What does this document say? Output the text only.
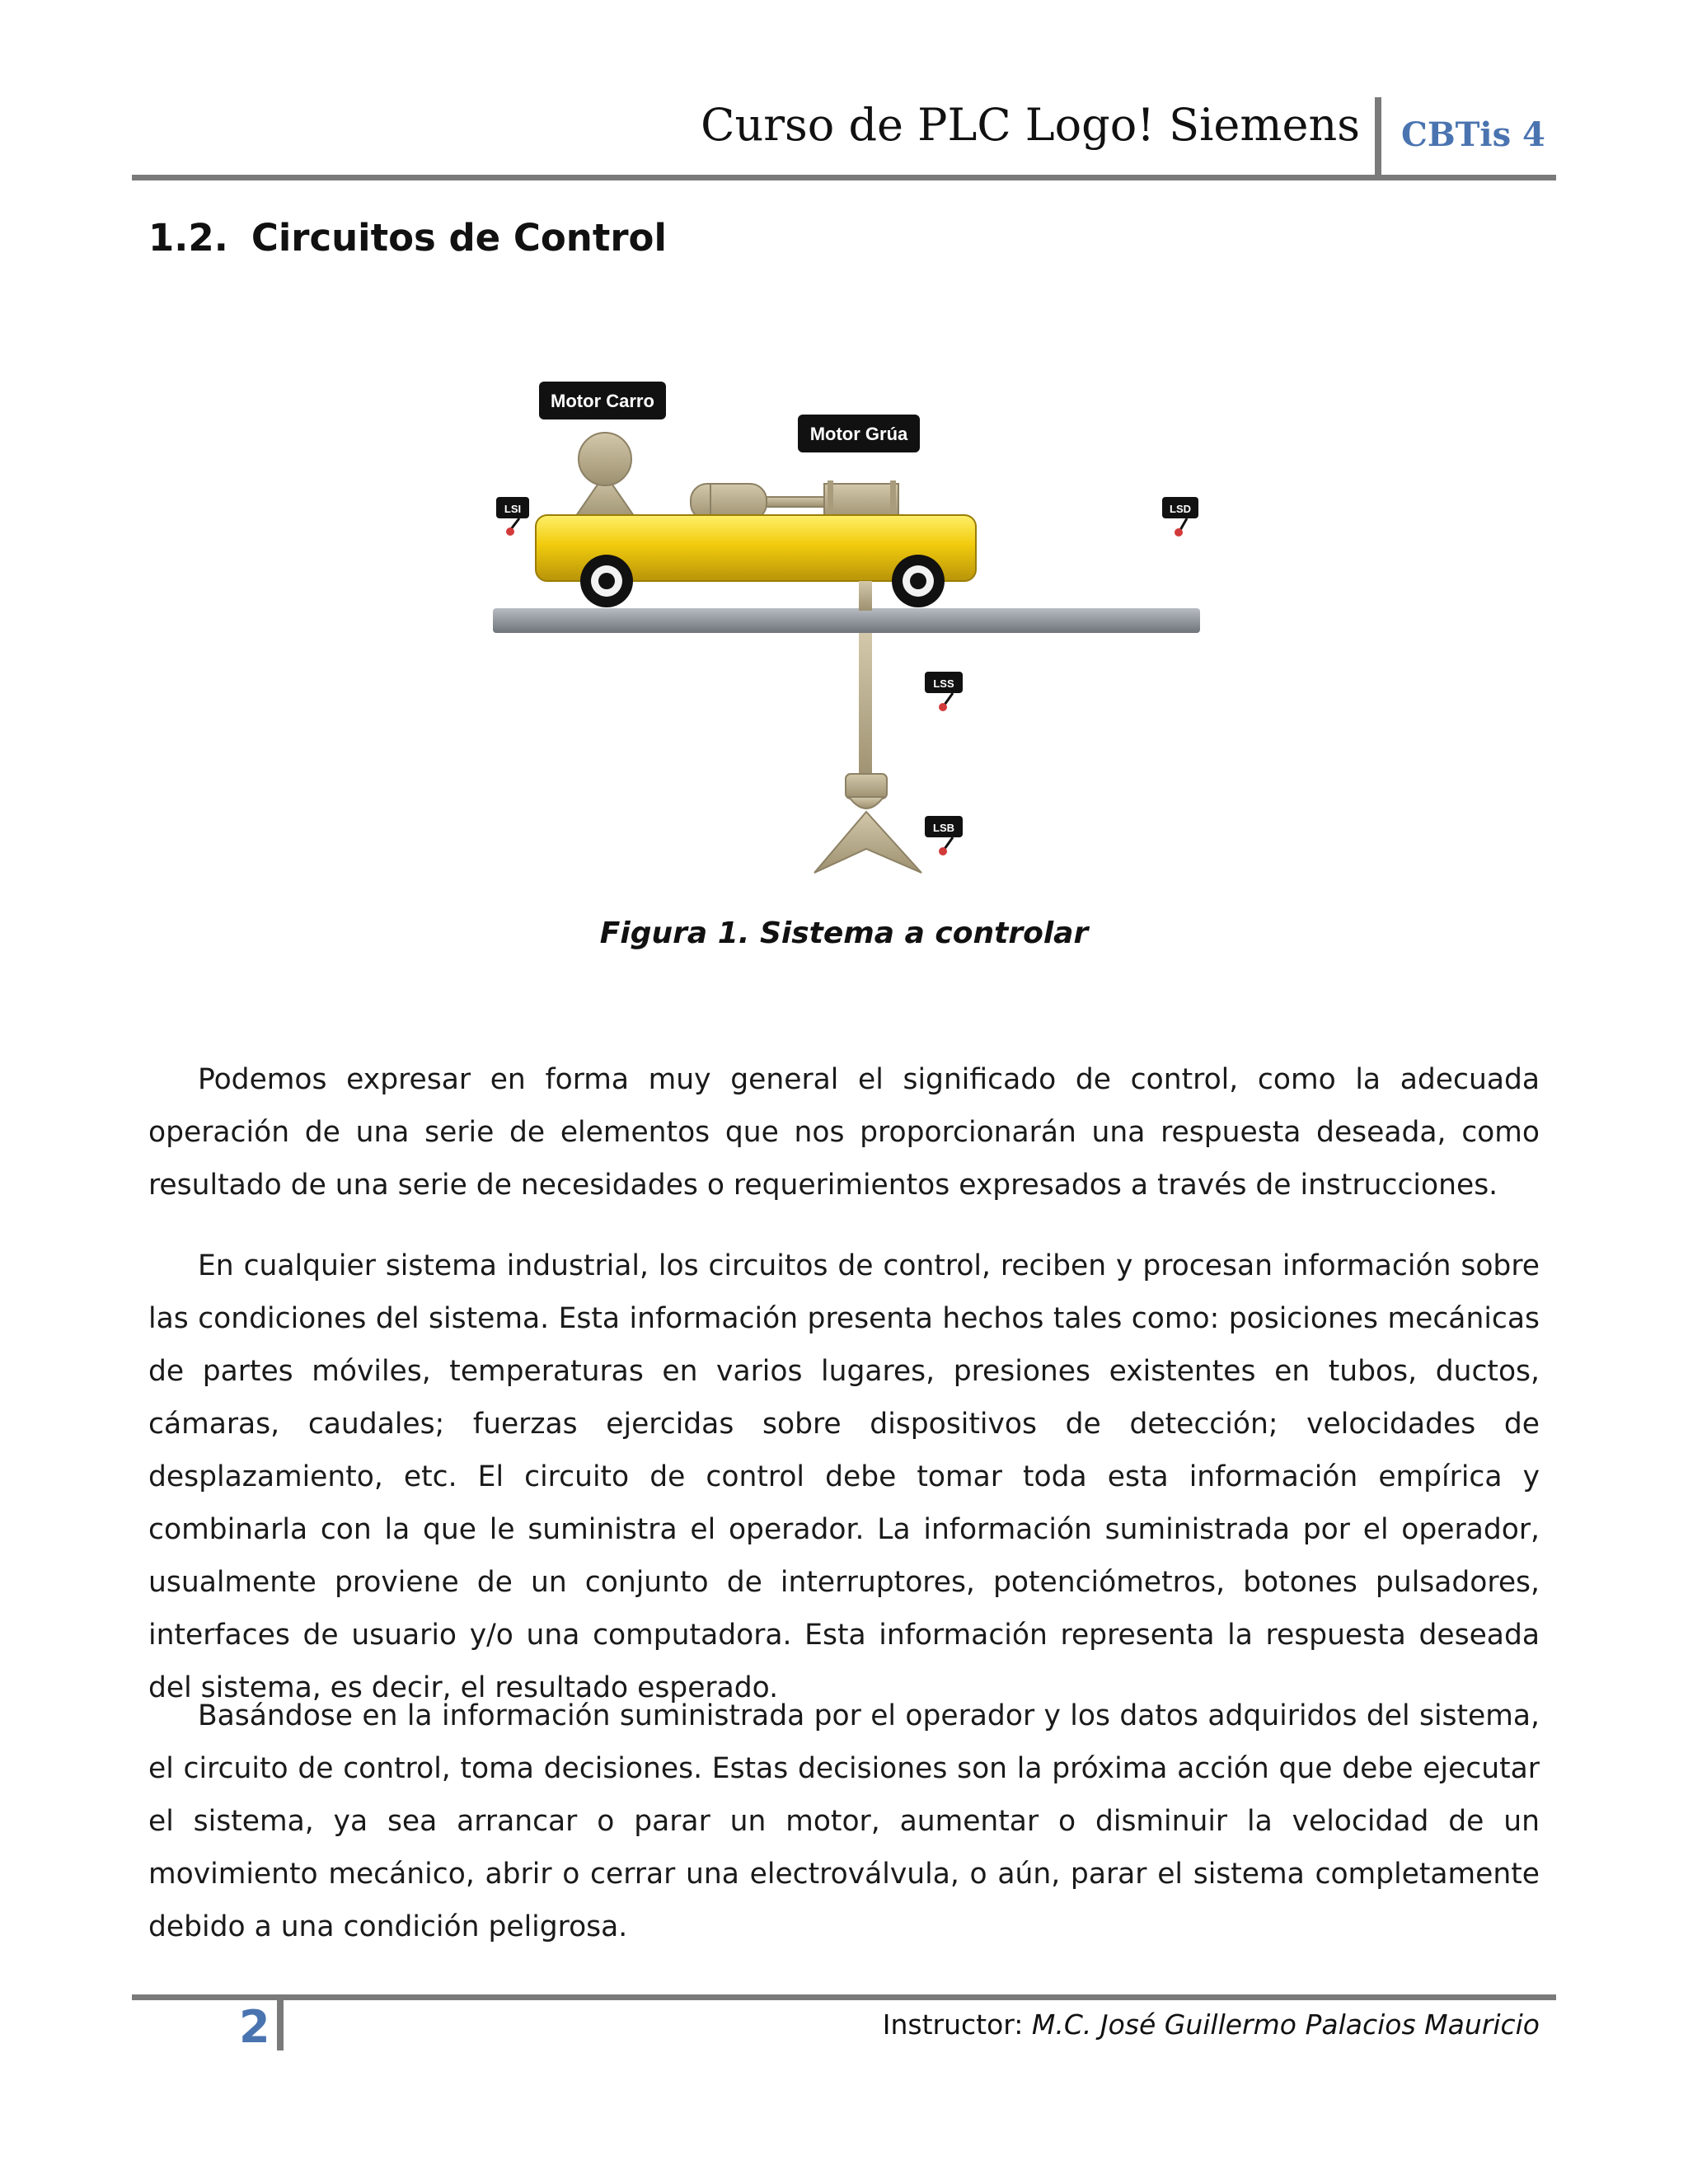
Curso de PLC Logo! Siemens CBTis 4

1.2. Circuitos de Control
Motor Carro
Motor Grúa
LSI	LSD
LSS
LSB

Figura 1. Sistema a controlar

Podemos expresar en forma muy general el significado de control, como la adecuada operación de una serie de elementos que nos proporcionarán una respuesta deseada, como resultado de una serie de necesidades o requerimientos expresados a través de instrucciones.

En cualquier sistema industrial, los circuitos de control, reciben y procesan información sobre las condiciones del sistema. Esta información presenta hechos tales como: posiciones mecánicas de partes móviles, temperaturas en varios lugares, presiones existentes en tubos, ductos, cámaras, caudales; fuerzas ejercidas sobre dispositivos de detección; velocidades de desplazamiento, etc. El circuito de control debe tomar toda esta información empírica y combinarla con la que le suministra el operador. La información suministrada por el operador, usualmente proviene de un conjunto de interruptores, potenciómetros, botones pulsadores, interfaces de usuario y/o una computadora. Esta información representa la respuesta deseada del sistema, es decir, el resultado esperado.

Basándose en la información suministrada por el operador y los datos adquiridos del sistema, el circuito de control, toma decisiones. Estas decisiones son la próxima acción que debe ejecutar el sistema, ya sea arrancar o parar un motor, aumentar o disminuir la velocidad de un movimiento mecánico, abrir o cerrar una electroválvula, o aún, parar el sistema completamente debido a una condición peligrosa.

2	Instructor: M.C. José Guillermo Palacios Mauricio
